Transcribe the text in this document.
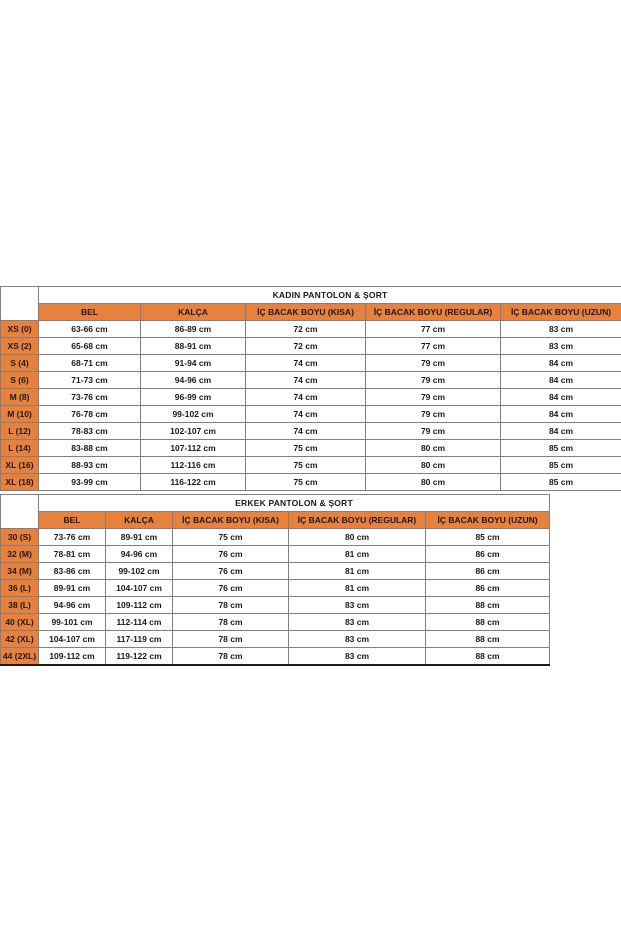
	KADIN PANTOLON & ŞORT				
	BEL	KALÇA	İÇ BACAK BOYU (KISA)	İÇ BACAK BOYU (REGULAR)	İÇ BACAK BOYU (UZUN)
XS (0)	63-66 cm	86-89 cm	72 cm	77 cm	83 cm
XS (2)	65-68 cm	88-91 cm	72 cm	77 cm	83 cm
S (4)	68-71 cm	91-94 cm	74 cm	79 cm	84 cm
S (6)	71-73 cm	94-96 cm	74 cm	79 cm	84 cm
M (8)	73-76 cm	96-99 cm	74 cm	79 cm	84 cm
M (10)	76-78 cm	99-102 cm	74 cm	79 cm	84 cm
L (12)	78-83 cm	102-107 cm	74 cm	79 cm	84 cm
L (14)	83-88 cm	107-112 cm	75 cm	80 cm	85 cm
XL (16)	88-93 cm	112-116 cm	75 cm	80 cm	85 cm
XL (18)	93-99 cm	116-122 cm	75 cm	80 cm	85 cm
	ERKEK PANTOLON & ŞORT				
	BEL	KALÇA	İÇ BACAK BOYU (KISA)	İÇ BACAK BOYU (REGULAR)	İÇ BACAK BOYU (UZUN)
30 (S)	73-76 cm	89-91 cm	75 cm	80 cm	85 cm
32 (M)	78-81 cm	94-96 cm	76 cm	81 cm	86 cm
34 (M)	83-86 cm	99-102 cm	76 cm	81 cm	86 cm
36 (L)	89-91 cm	104-107 cm	76 cm	81 cm	86 cm
38 (L)	94-96 cm	109-112 cm	78 cm	83 cm	88 cm
40 (XL)	99-101 cm	112-114 cm	78 cm	83 cm	88 cm
42 (XL)	104-107 cm	117-119 cm	78 cm	83 cm	88 cm
44 (2XL)	109-112 cm	119-122 cm	78 cm	83 cm	88 cm
